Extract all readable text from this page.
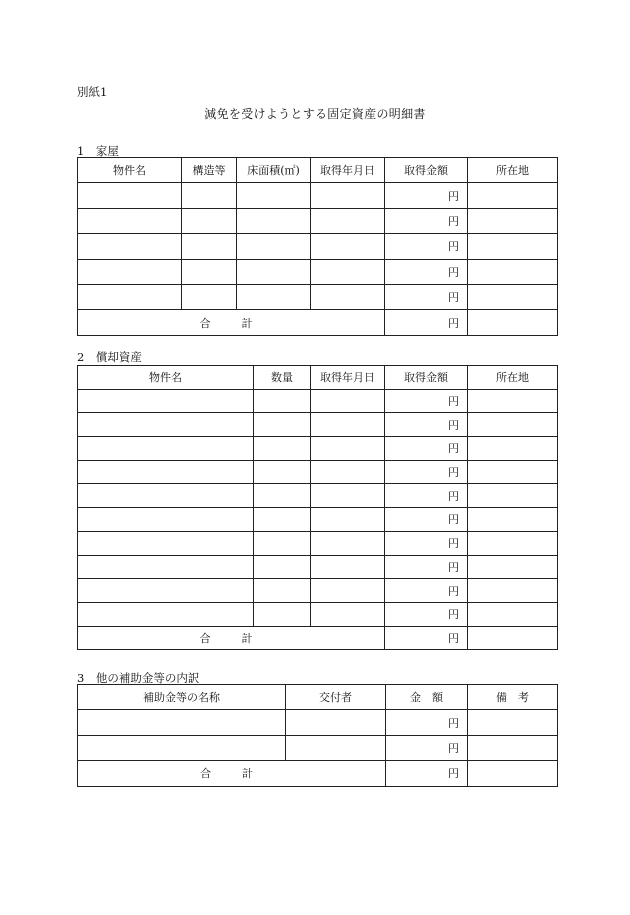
別紙1
減免を受けようとする固定資産の明細書
1　家屋
物件名	構造等	床面積(㎡)	取得年月日	取得金額	所在地
				円	
				円	
				円	
				円	
				円	
合　計				円	
2　償却資産
物件名	数量	取得年月日	取得金額	所在地
			円	
			円	
			円	
			円	
			円	
			円	
			円	
			円	
			円	
			円	
合　計			円	
3　他の補助金等の内訳
補助金等の名称	交付者	金　額	備　考
		円	
		円	
合　計		円	
